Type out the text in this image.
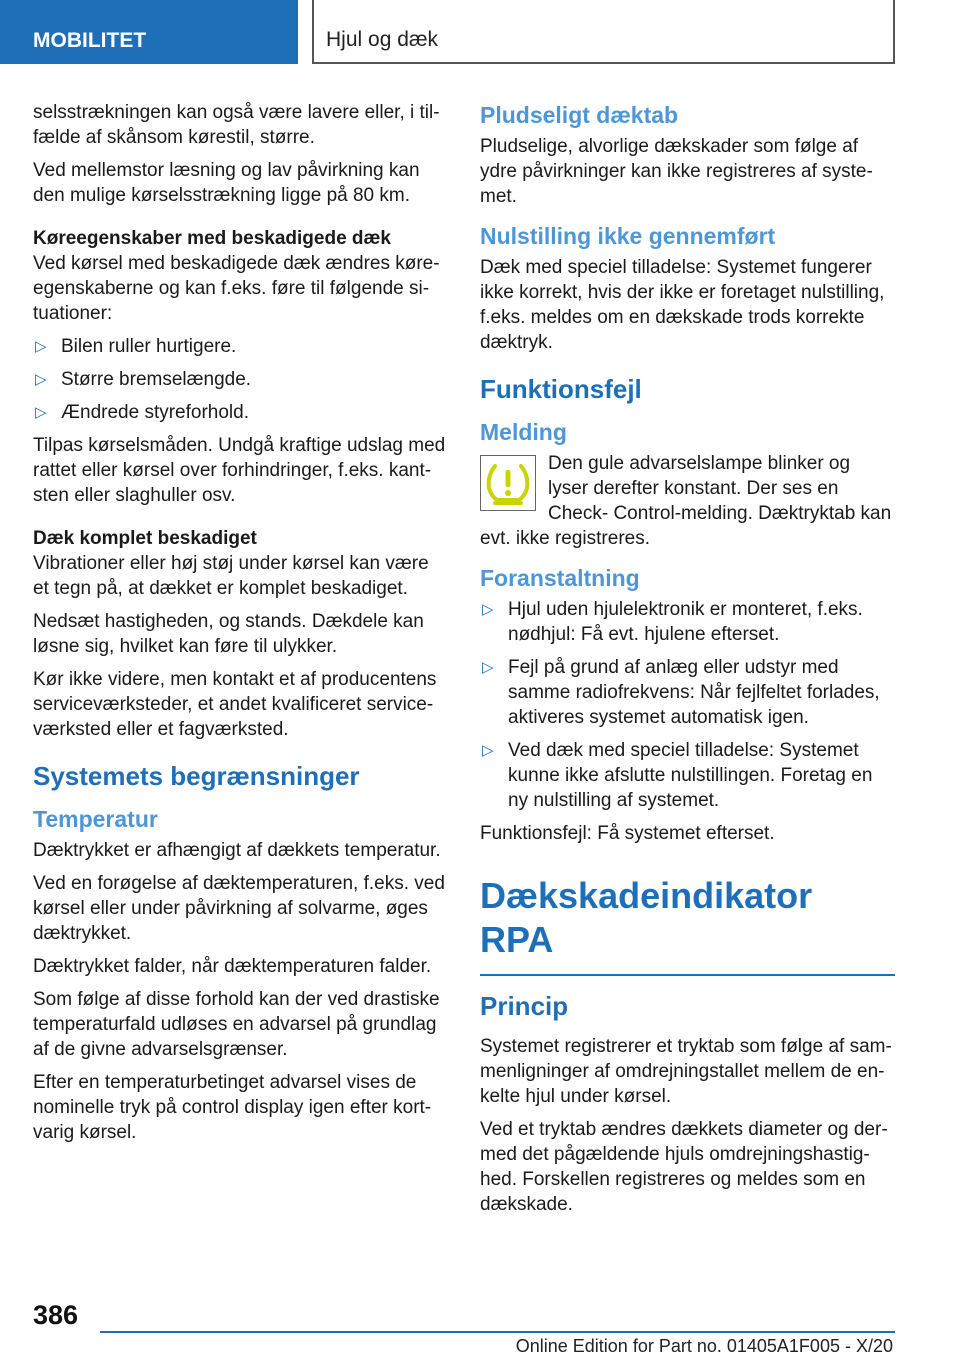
MOBILITET	Hjul og dæk

selsstrækningen kan også være lavere eller, i til- fælde af skånsom kørestil, større.

Ved mellemstor læsning og lav påvirkning kan den mulige kørselsstrækning ligge på 80 km.

Køreegenskaber med beskadigede dæk

Ved kørsel med beskadigede dæk ændres køre- egenskaberne og kan f.eks. føre til følgende si- tuationer:

▷ Bilen ruller hurtigere.
▷ Større bremselængde.
▷ Ændrede styreforhold.

Tilpas kørselsmåden. Undgå kraftige udslag med rattet eller kørsel over forhindringer, f.eks. kant- sten eller slaghuller osv.

Dæk komplet beskadiget

Vibrationer eller høj støj under kørsel kan være et tegn på, at dækket er komplet beskadiget.

Nedsæt hastigheden, og stands. Dækdele kan løsne sig, hvilket kan føre til ulykker.

Kør ikke videre, men kontakt et af producentens serviceværksteder, et andet kvalificeret service- værksted eller et fagværksted.

Systemets begrænsninger
Temperatur

Dæktrykket er afhængigt af dækkets temperatur.

Ved en forøgelse af dæktemperaturen, f.eks. ved kørsel eller under påvirkning af solvarme, øges dæktrykket.

Dæktrykket falder, når dæktemperaturen falder.

Som følge af disse forhold kan der ved drastiske temperaturfald udløses en advarsel på grundlag af de givne advarselsgrænser.

Efter en temperaturbetinget advarsel vises de nominelle tryk på control display igen efter kort- varig kørsel.

Pludseligt dæktab

Pludselige, alvorlige dækskader som følge af ydre påvirkninger kan ikke registreres af syste- met.

Nulstilling ikke gennemført

Dæk med speciel tilladelse: Systemet fungerer ikke korrekt, hvis der ikke er foretaget nulstilling, f.eks. meldes om en dækskade trods korrekte dæktryk.

Funktionsfejl
Melding

Den gule advarselslampe blinker og lyser derefter konstant. Der ses en Check- Control-melding. Dæktryktab kan evt. ikke registreres.

Foranstaltning
▷ Hjul uden hjulelektronik er monteret, f.eks. nødhjul: Få evt. hjulene efterset.
▷ Fejl på grund af anlæg eller udstyr med samme radiofrekvens: Når fejlfeltet forlades, aktiveres systemet automatisk igen.
▷ Ved dæk med speciel tilladelse: Systemet kunne ikke afslutte nulstillingen. Foretag en ny nulstilling af systemet.

Funktionsfejl: Få systemet efterset.

Dækskadeindikator RPA
Princip

Systemet registrerer et tryktab som følge af sam- menligninger af omdrejningstallet mellem de en- kelte hjul under kørsel.

Ved et tryktab ændres dækkets diameter og der- med det pågældende hjuls omdrejningshastig- hed. Forskellen registreres og meldes som en dækskade.

386
Online Edition for Part no. 01405A1F005 - X/20
